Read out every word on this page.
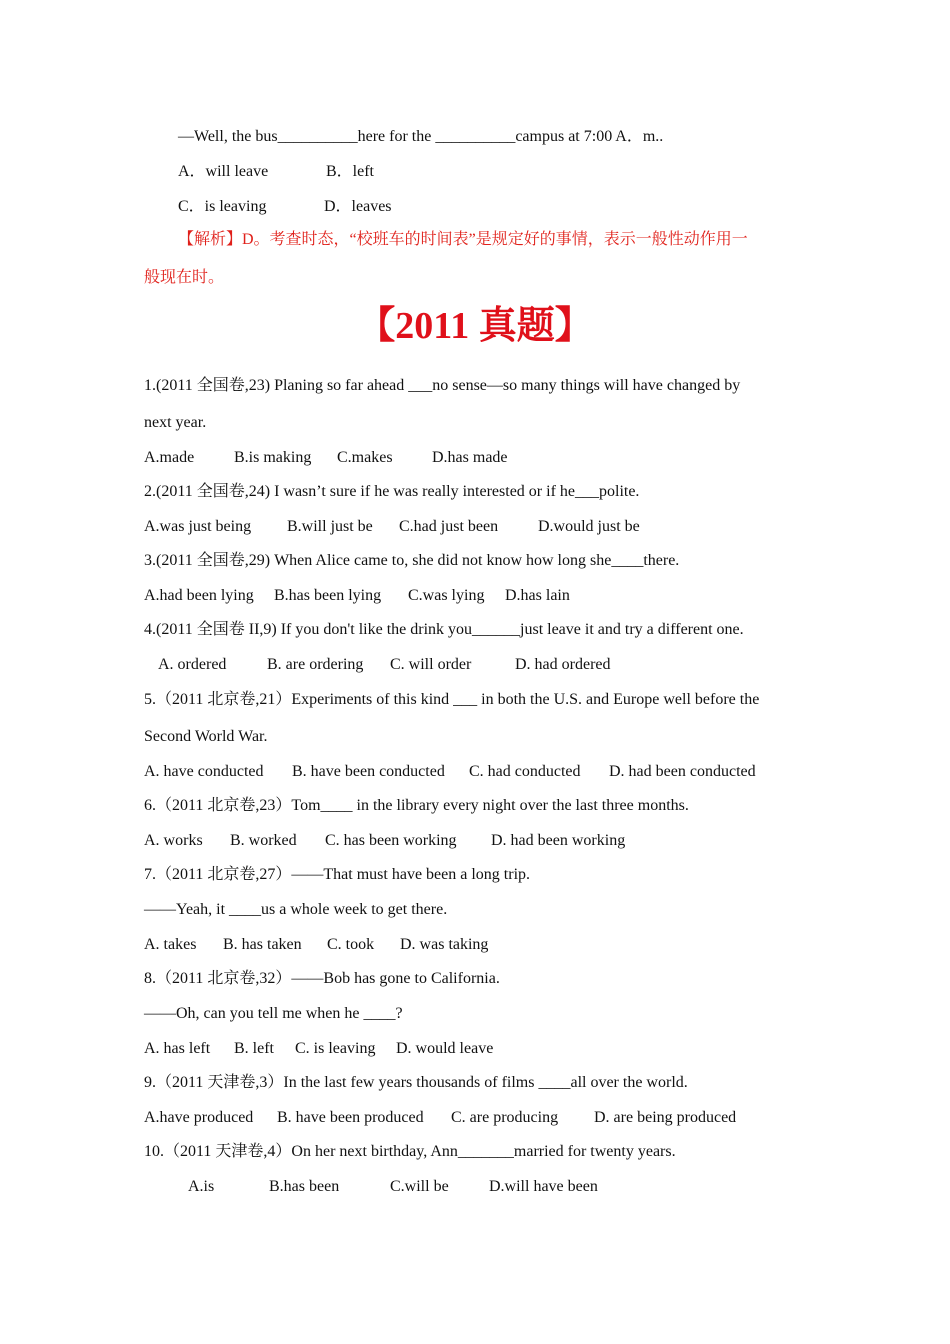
—Well, the bus__________here for the __________campus at 7:00 A．m..
A．will leave	B．left
C．is leaving	D．leaves
【解析】D。考查时态，“校班车的时间表”是规定好的事情，表示一般性动作用一
般现在时。
【2011 真题】
1.(2011 全国卷,23) Planing so far ahead ___no sense—so many things will have changed by
next year.
A.made B.is making C.makes D.has made
2.(2011 全国卷,24) I wasn’t sure if he was really interested or if he___polite.
A.was just being B.will just be C.had just been D.would just be
3.(2011 全国卷,29) When Alice came to, she did not know how long she____there.
A.had been lying B.has been lying C.was lying D.has lain
4.(2011 全国卷 II,9) If you don't like the drink you______just leave it and try a different one.
A. ordered	B. are ordering C. will order	D. had ordered
5.（2011 北京卷,21）Experiments of this kind ___ in both the U.S. and Europe well before the
Second World War.
A. have conducted B. have been conducted C. had conducted D. had been conducted
6.（2011 北京卷,23）Tom____ in the library every night over the last three months.
A. works B. worked C. has been working D. had been working
7.（2011 北京卷,27）——That must have been a long trip.
——Yeah, it ____us a whole week to get there.
A. takes B. has taken C. took D. was taking
8.（2011 北京卷,32）——Bob has gone to California.
——Oh, can you tell me when he ____?
A. has left B. left C. is leaving D. would leave
9.（2011 天津卷,3）In the last few years thousands of films ____all over the world.
A.have produced B. have been produced C. are producing D. are being produced
10.（2011 天津卷,4）On her next birthday, Ann_______married for twenty years.
A.is	B.has been	C.will be	D.will have been
